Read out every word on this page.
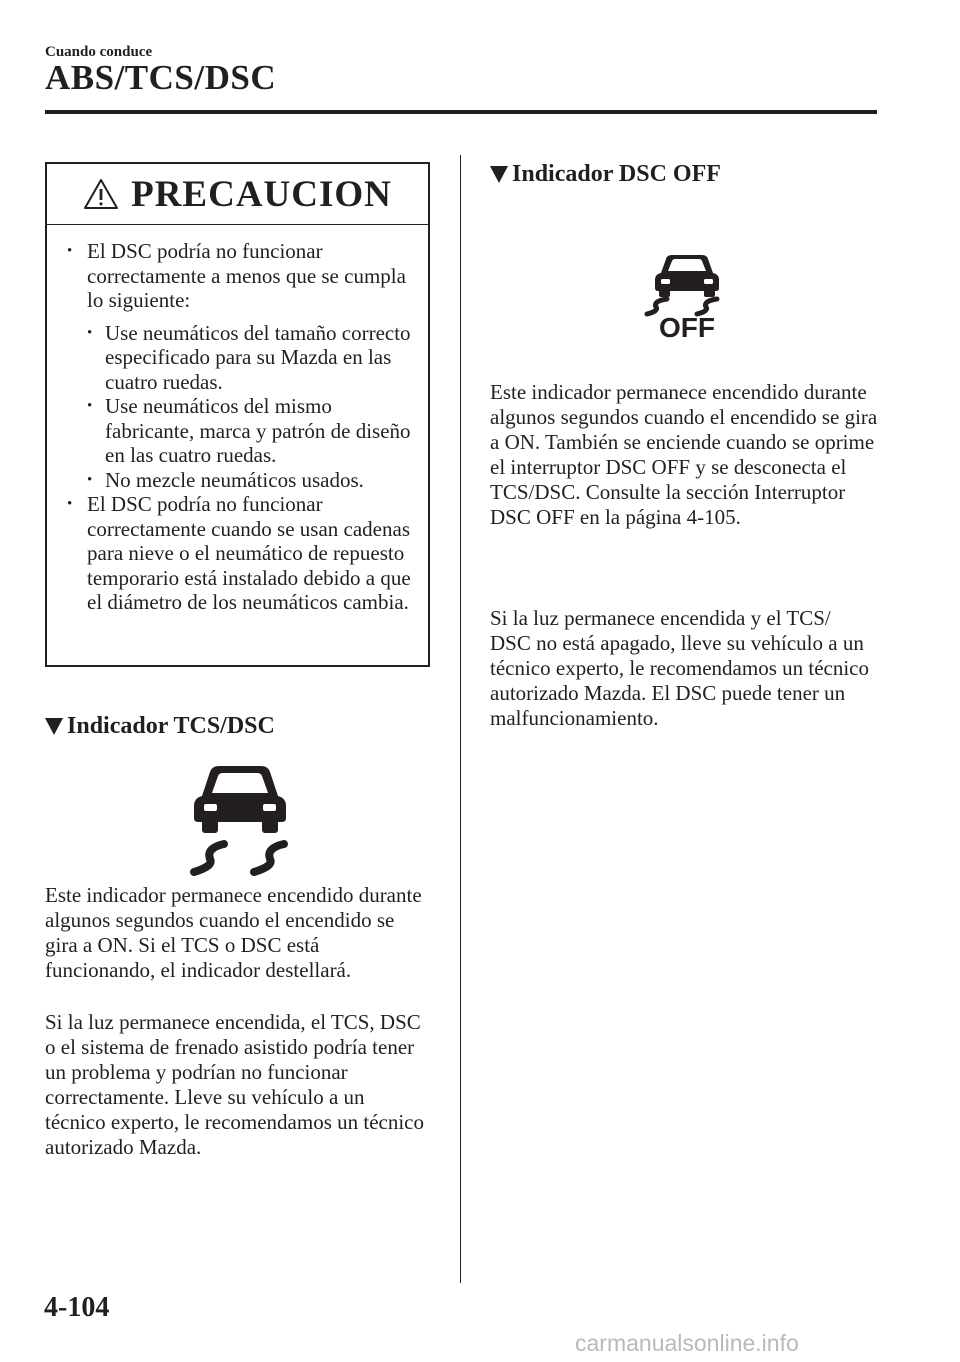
Cuando conduce
ABS/TCS/DSC
PRECAUCION
• El DSC podría no funcionar correctamente a menos que se cumpla lo siguiente:
• Use neumáticos del tamaño correcto especificado para su Mazda en las cuatro ruedas.
• Use neumáticos del mismo fabricante, marca y patrón de diseño en las cuatro ruedas.
• No mezcle neumáticos usados.
• El DSC podría no funcionar correctamente cuando se usan cadenas para nieve o el neumático de repuesto temporario está instalado debido a que el diámetro de los neumáticos cambia.
Indicador TCS/DSC

Este indicador permanece encendido durante algunos segundos cuando el encendido se gira a ON. Si el TCS o DSC está funcionando, el indicador destellará.

Si la luz permanece encendida, el TCS, DSC o el sistema de frenado asistido podría tener un problema y podrían no funcionar correctamente. Lleve su vehículo a un técnico experto, le recomendamos un técnico autorizado Mazda.

Indicador DSC OFF
OFF

Este indicador permanece encendido durante algunos segundos cuando el encendido se gira a ON. También se enciende cuando se oprime el interruptor DSC OFF y se desconecta el TCS/DSC. Consulte la sección Interruptor DSC OFF en la página 4-105.

Si la luz permanece encendida y el TCS/ DSC no está apagado, lleve su vehículo a un técnico experto, le recomendamos un técnico autorizado Mazda. El DSC puede tener un malfuncionamiento.

4-104
carmanualsonline.info
